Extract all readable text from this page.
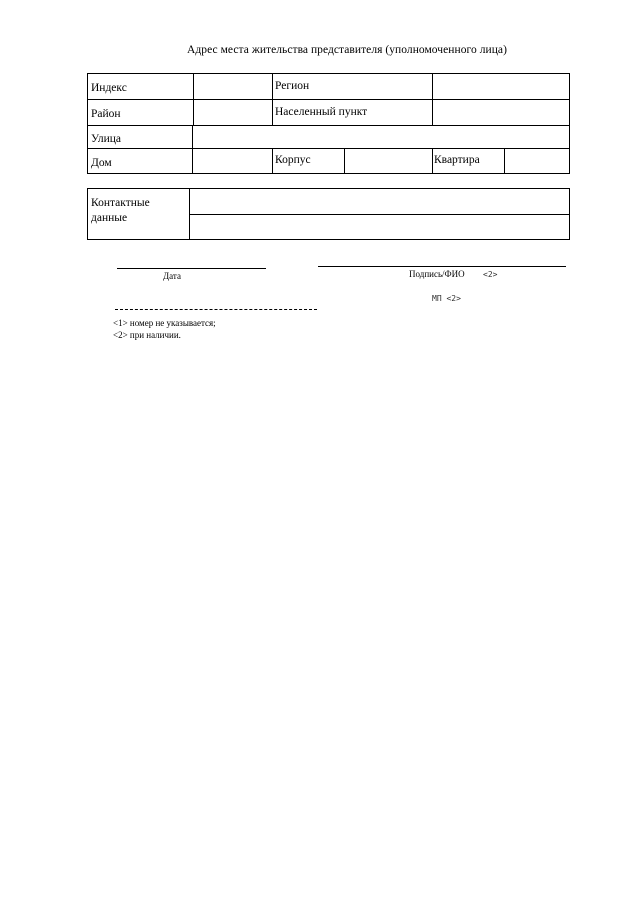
Адрес места жительства представителя (уполномоченного лица)
Индекс	Регион
Район	Населенный пункт
Улица
Дом	Корпус	Квартира
Контактные
данные
Дата	Подпись/ФИО <2>
МП <2>
<1> номер не указывается;
<2> при наличии.
